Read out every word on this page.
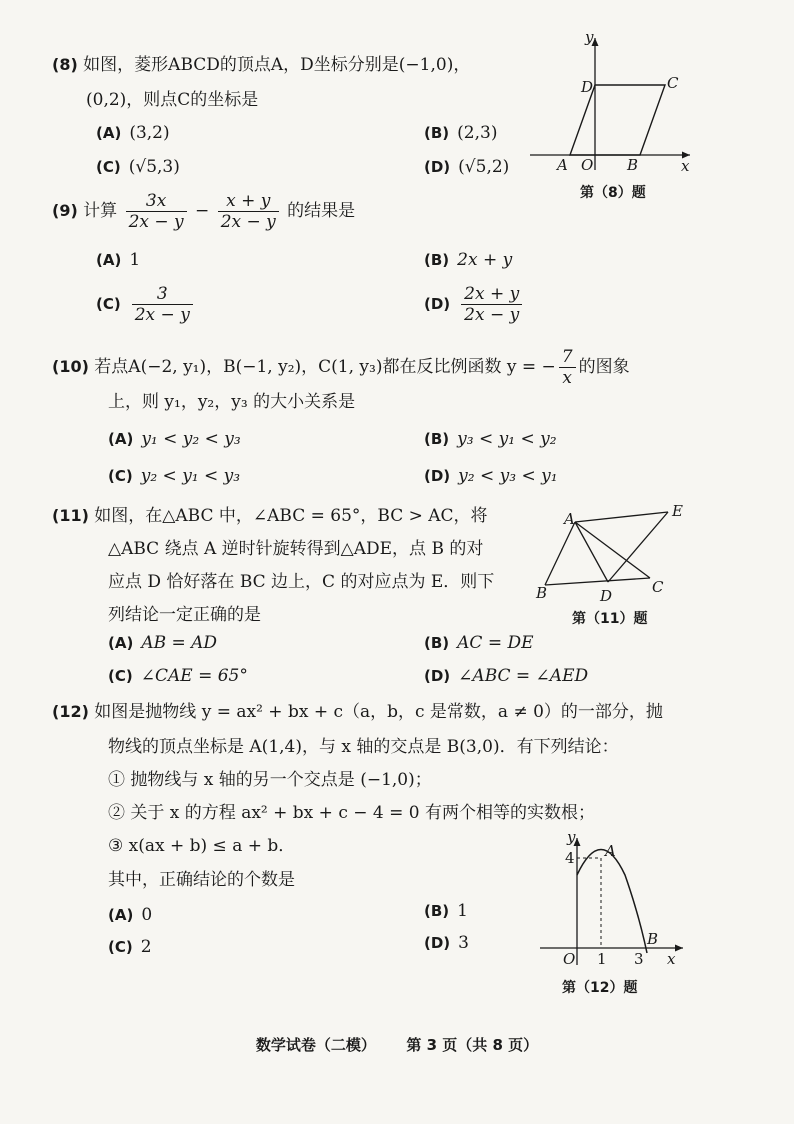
(8) 如图，菱形ABCD的顶点A，D坐标分别是(−1,0)，
(0,2)，则点C的坐标是
(A) (3,2)	(B) (2,3)
(C) (√5,3)	(D) (√5,2)
y
x
D	C
A O B
第（8）题
(9) 计算 $\frac{3x}{2x - y} - \frac{x + y}{2x - y}$ 的结果是
(A) 1	(B) 2x + y
$(C) \frac{3}{2x - y}$	$(D) \frac{2x + y}{2x - y}$
(10) 若点A(−2, y₁)，B(−1, y₂)，C(1, y₃)都在反比例函数 y = − $\frac{7}{x}$ 的图象
上，则 y₁，y₂，y₃ 的大小关系是
(A) y₁ < y₂ < y₃	(B) y₃ < y₁ < y₂
(C) y₂ < y₁ < y₃	(D) y₂ < y₃ < y₁
(11) 如图，在△ABC 中，∠ABC = 65°，BC > AC，将
△ABC 绕点 A 逆时针旋转得到△ADE，点 B 的对
应点 D 恰好落在 BC 边上，C 的对应点为 E．则下
列结论一定正确的是
(A) AB = AD	(B) AC = DE
(C) ∠CAE = 65°	(D) ∠ABC = ∠AED
A	E
B	D	C
第（11）题
(12) 如图是抛物线 y = ax² + bx + c（a，b，c 是常数，a ≠ 0）的一部分，抛
物线的顶点坐标是 A(1,4)，与 x 轴的交点是 B(3,0)．有下列结论：
① 抛物线与 x 轴的另一个交点是 (−1,0)；
② 关于 x 的方程 ax² + bx + c − 4 = 0 有两个相等的实数根；
③ x(ax + b) ≤ a + b．
其中，正确结论的个数是
(A) 0	(B) 1
(C) 2	(D) 3
y
4 A
O 1 3
B
x
第（12）题
数学试卷（二模） 第 3 页（共 8 页）
